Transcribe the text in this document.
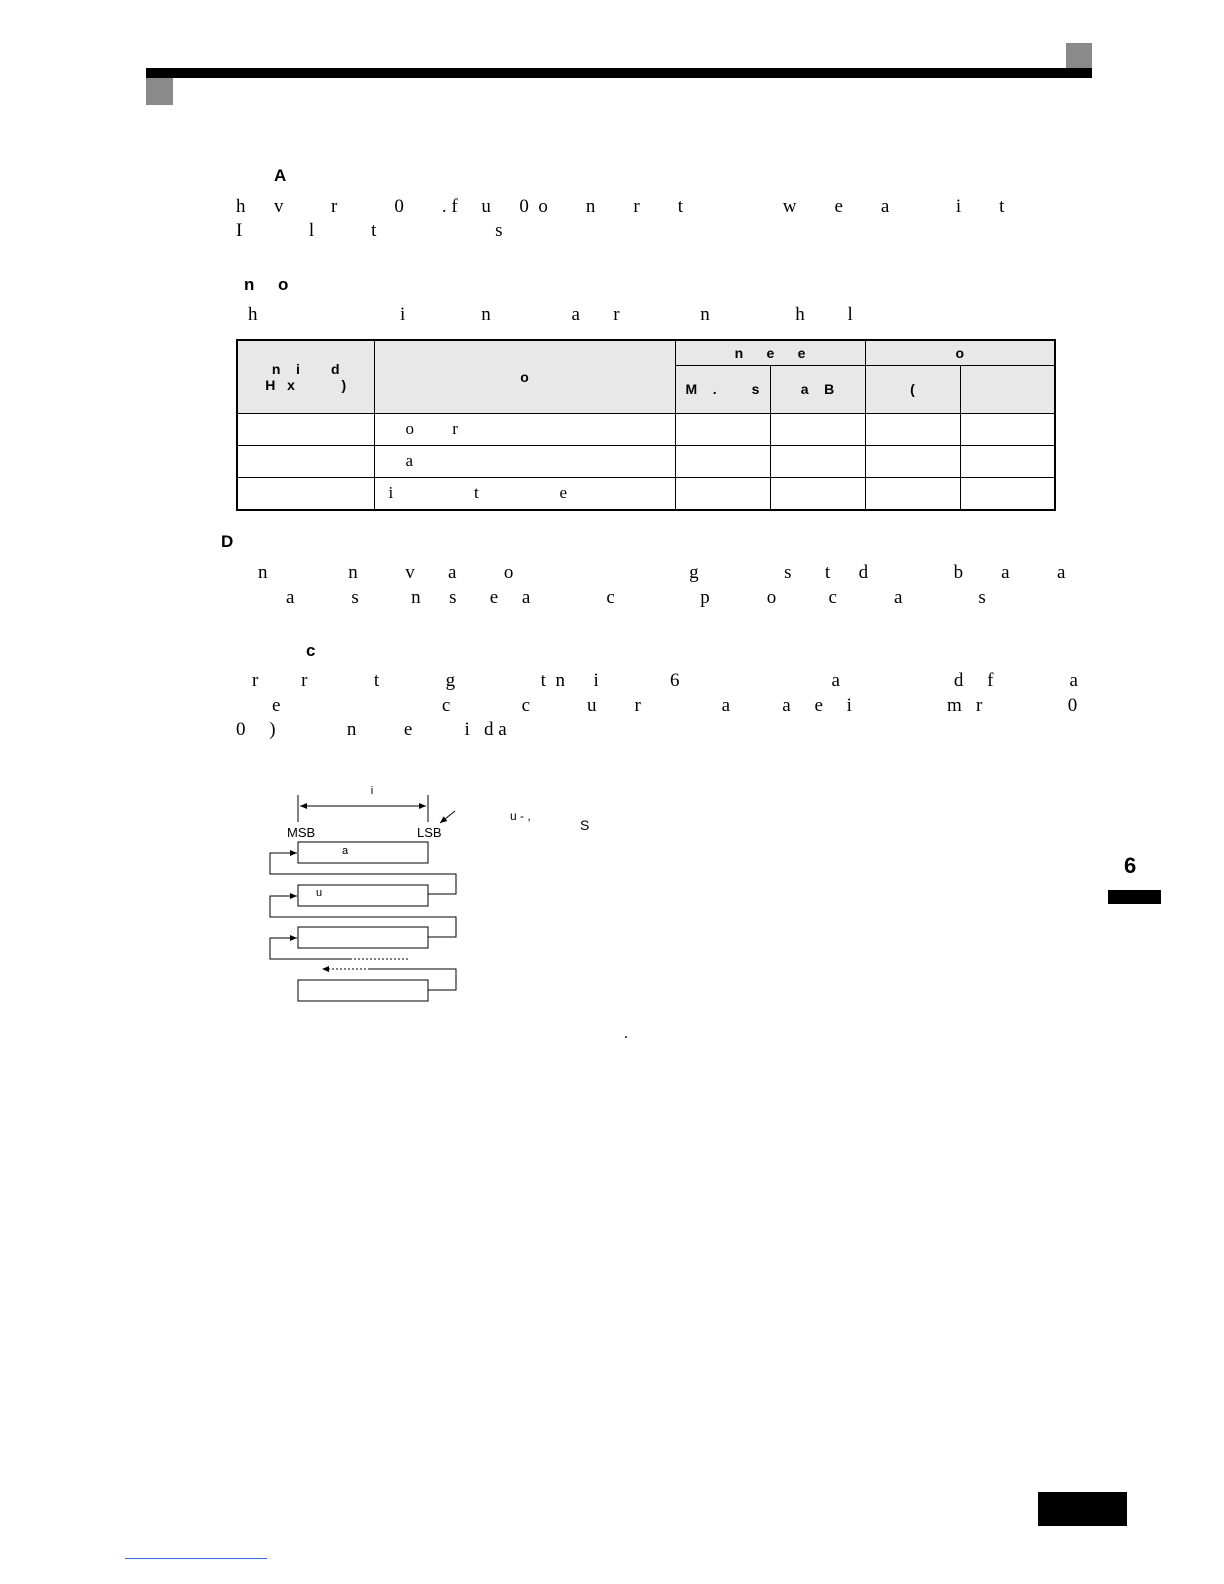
A
h      v          r            0        . f     u      0  o        n        r        t                     w        e        a              i        t
I              l            t                         s
n     o
h                              i                n                 a       r                 n                  h         l
n    i        d
H   x            )	o	n      e      e		o	
		M    .         s	a    B	(	
	o         r				
	a				
	i                   t                   e				
D
n                 n          v       a          o                                     g                  s       t      d                  b        a          a
a            s           n      s       e     a                c                  p            o           c            a                s
c
r         r              t              g                  t  n      i               6                                a                        d     f                a
e                                  c               c            u        r                 a           a     e     i                    m   r                  0
0     )               n          e           i   d a
i
MSB	LSB
u - ,
S
a
u
.
6
